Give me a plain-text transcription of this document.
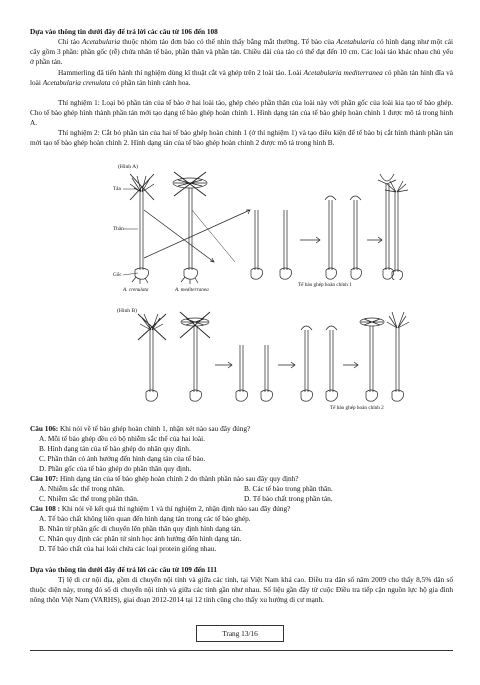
Dựa vào thông tin dưới đây để trả lời các câu từ 106 đến 108
Chi tảo Acetabularia thuộc nhóm tảo đơn bào có thể nhìn thấy bằng mắt thường. Tế bào của Acetabularia có hình dạng như một cái cây gồm 3 phần: phần gốc (rễ) chứa nhân tế bào, phần thân và phần tán. Chiều dài của tảo có thể đạt đến 10 cm. Các loài tảo khác nhau chủ yếu ở phần tán.
Hammerling đã tiến hành thí nghiệm dùng kĩ thuật cắt và ghép trên 2 loài tảo. Loài Acetabularia mediterranea có phần tán hình đĩa và loài Acetabularia crenulata có phần tán hình cánh hoa.
Thí nghiệm 1: Loại bỏ phần tán của tế bào ở hai loài tảo, ghép chéo phần thân của loài này với phần gốc của loài kia tạo tế bào ghép. Cho tế bào ghép hình thành phần tán mới tạo dạng tế bào ghép hoàn chỉnh 1. Hình dạng tán của tế bào ghép hoàn chỉnh 1 được mô tả trong hình A.
Thí nghiệm 2: Cắt bỏ phần tán của hai tế bào ghép hoàn chỉnh 1 (ở thí nghiệm 1) và tạo điều kiện để tế bào bị cắt hình thành phần tán mới tạo tế bào ghép hoàn chỉnh 2. Hình dạng tán của tế bào ghép hoàn chỉnh 2 được mô tả trong hình B.
(Hình A)
Tán
Thân
Gốc
A. crenulata	A. mediterranea
Tế bào ghép hoàn chỉnh 1
(Hình B)
Tế bào ghép hoàn chỉnh 2
Câu 106: Khi nói về tế bào ghép hoàn chỉnh 1, nhận xét nào sau đây đúng?
A. Mỗi tế bào ghép đều có bộ nhiễm sắc thể của hai loài.
B. Hình dạng tán của tế bào ghép do nhân quy định.
C. Phần thân có ảnh hưởng đến hình dạng tán của tế bào.
D. Phần gốc của tế bào ghép do phần thân quy định.
Câu 107: Hình dạng tán của tế bào ghép hoàn chỉnh 2 do thành phần nào sau đây quy định?
A. Nhiễm sắc thể trong nhân.	B. Các tế bào trong phần thân.
C. Nhiễm sắc thể trong phần thân.	D. Tế bào chất trong phần tán.
Câu 108 : Khi nói về kết quả thí nghiệm 1 và thí nghiệm 2, nhận định nào sau đây đúng?
A. Tế bào chất không liên quan đến hình dạng tán trong các tế bào ghép.
B. Nhân từ phần gốc di chuyển lên phần thân quy định hình dạng tán.
C. Nhân quy định các phân tử sinh học ảnh hưởng đến hình dạng tán.
D. Tế bào chất của hai loài chứa các loại protein giống nhau.
Dựa vào thông tin dưới đây để trả lời các câu từ 109 đến 111
Tị lệ di cư nội địa, gồm di chuyển nội tỉnh và giữa các tỉnh, tại Việt Nam khá cao. Điều tra dân số năm 2009 cho thấy 8,5% dân số thuộc diện này, trong đó số di chuyển nội tỉnh và giữa các tỉnh gần như nhau. Số liệu gần đây từ cuộc Điều tra tiếp cận nguồn lực hộ gia đình nông thôn Việt Nam (VARHS), giai đoạn 2012-2014 tại 12 tỉnh cũng cho thấy xu hướng di cư mạnh.
Trang 13/16
